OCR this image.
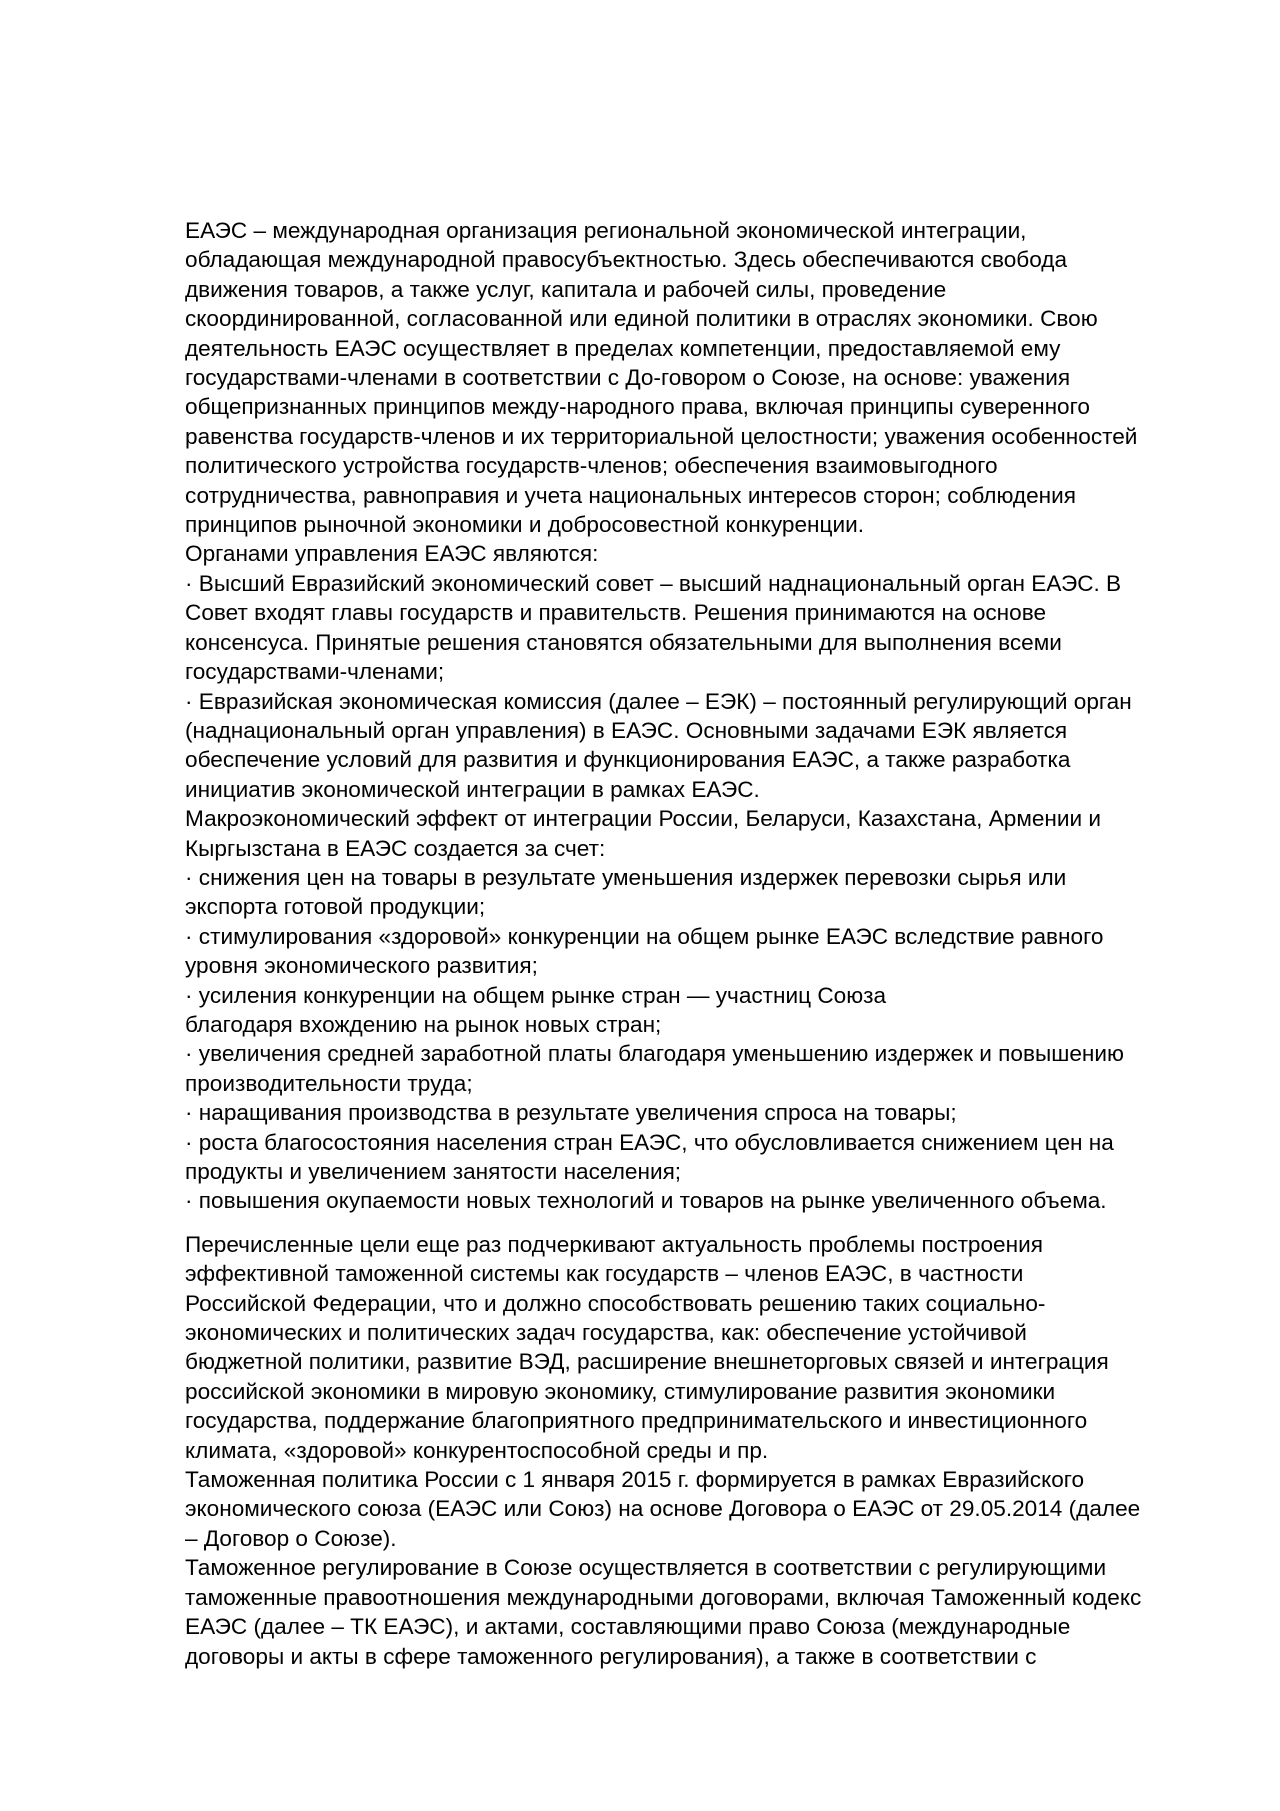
ЕАЭС – международная организация региональной экономической интеграции,

обладающая международной правосубъектностью. Здесь обеспечиваются свобода

движения товаров, а также услуг, капитала и рабочей силы, проведение

скоординированной, согласованной или единой политики в отраслях экономики. Свою

деятельность ЕАЭС осуществляет в пределах компетенции, предоставляемой ему

государствами-членами в соответствии с До-говором о Союзе, на основе: уважения

общепризнанных принципов между-народного права, включая принципы суверенного

равенства государств-членов и их территориальной целостности; уважения особенностей

политического устройства государств-членов; обеспечения взаимовыгодного

сотрудничества, равноправия и учета национальных интересов сторон; соблюдения

принципов рыночной экономики и добросовестной конкуренции.

Органами управления ЕАЭС являются:

· Высший Евразийский экономический совет – высший наднациональный орган ЕАЭС. В

Совет входят главы государств и правительств. Решения принимаются на основе

консенсуса. Принятые решения становятся обязательными для выполнения всеми

государствами-членами;

· Евразийская экономическая комиссия (далее – ЕЭК) – постоянный регулирующий орган

(наднациональный орган управления) в ЕАЭС. Основными задачами ЕЭК является

обеспечение условий для развития и функционирования ЕАЭС, а также разработка

инициатив экономической интеграции в рамках ЕАЭС.

Макроэкономический эффект от интеграции России, Беларуси, Казахстана, Армении и

Кыргызстана в ЕАЭС создается за счет:

· снижения цен на товары в результате уменьшения издержек перевозки сырья или

экспорта готовой продукции;

· стимулирования «здоровой» конкуренции на общем рынке ЕАЭС вследствие равного

уровня экономического развития;

· усиления конкуренции на общем рынке стран — участниц Союза

благодаря вхождению на рынок новых стран;

· увеличения средней заработной платы благодаря уменьшению издержек и повышению

производительности труда;

· наращивания производства в результате увеличения спроса на товары;

· роста благосостояния населения стран ЕАЭС, что обусловливается снижением цен на

продукты и увеличением занятости населения;

· повышения окупаемости новых технологий и товаров на рынке увеличенного объема.

Перечисленные цели еще раз подчеркивают актуальность проблемы построения

эффективной таможенной системы как государств – членов ЕАЭС, в частности

Российской Федерации, что и должно способствовать решению таких социально-

экономических и политических задач государства, как: обеспечение устойчивой

бюджетной политики, развитие ВЭД, расширение внешнеторговых связей и интеграция

российской экономики в мировую экономику, стимулирование развития экономики

государства, поддержание благоприятного предпринимательского и инвестиционного

климата, «здоровой» конкурентоспособной среды и пр.

Таможенная политика России с 1 января 2015 г. формируется в рамках Евразийского

экономического союза (ЕАЭС или Союз) на основе Договора о ЕАЭС от 29.05.2014 (далее

– Договор о Союзе).

Таможенное регулирование в Союзе осуществляется в соответствии с регулирующими

таможенные правоотношения международными договорами, включая Таможенный кодекс

ЕАЭС (далее – ТК ЕАЭС), и актами, составляющими право Союза (международные

договоры и акты в сфере таможенного регулирования), а также в соответствии с
